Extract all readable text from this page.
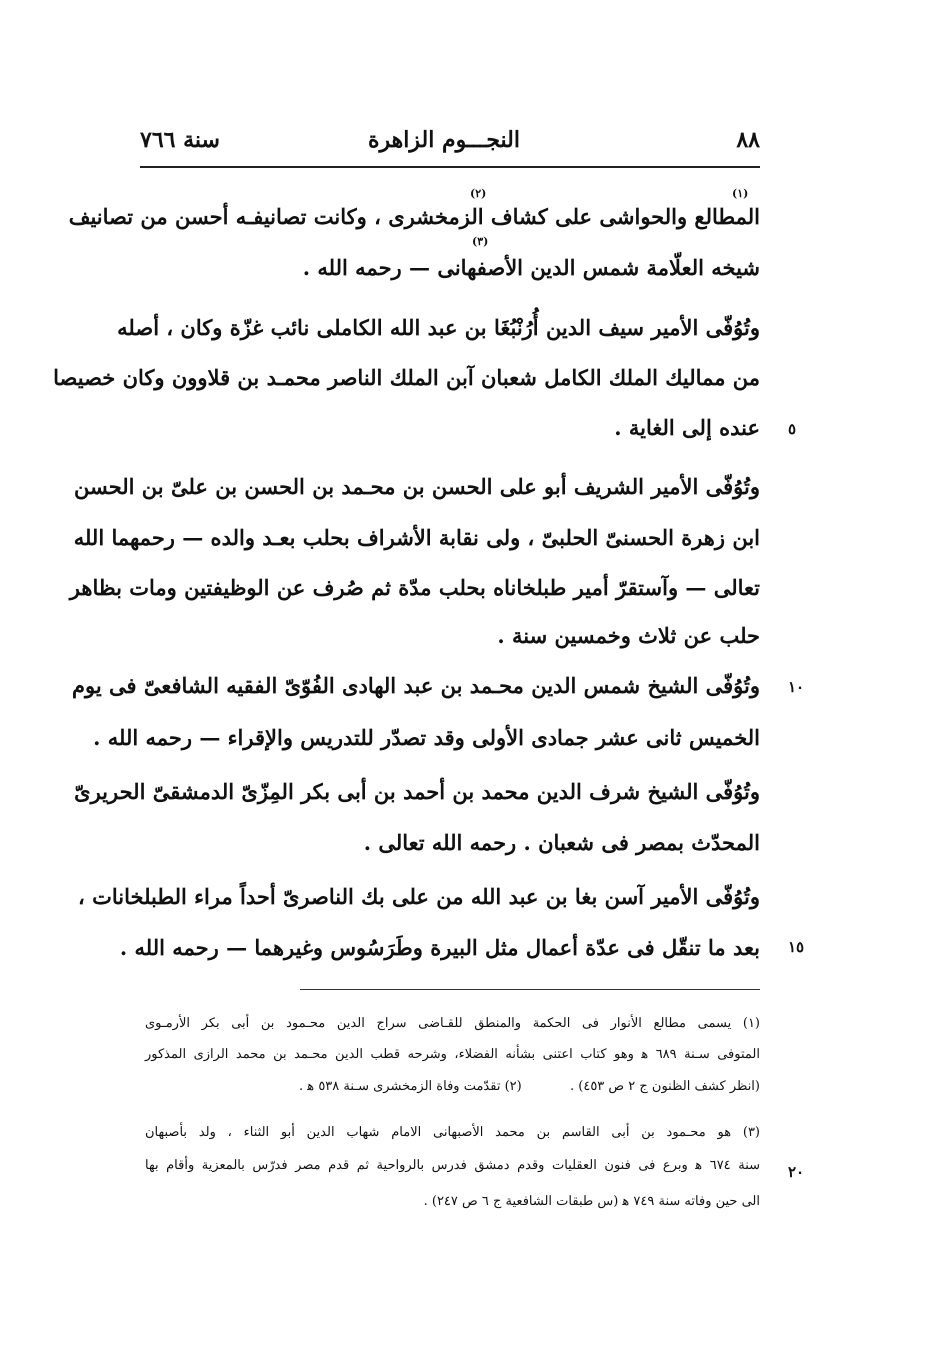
٨٨
النجـــوم الزاهرة
سنة ٧٦٦
(١)
(٢)
(٣)
المطالع والحواشى على كشاف الزمخشرى ، وكانت تصانيفـه أحسن من تصانيف
شيخه العلّامة شمس الدين الأصفهانى — رحمه الله .
وتُوُفّى الأمير سيف الدين أُرُنْبُغَا بن عبد الله الكاملى نائب غزّة وكان ، أصله
من مماليك الملك الكامل شعبان آبن الملك الناصر محمـد بن قلاوون وكان خصيصا
عنده إلى الغاية .
وتُوُفّى الأمير الشريف أبو على الحسن بن محـمد بن الحسن بن علىّ بن الحسن
ابن زهرة الحسنىّ الحلبىّ ، ولى نقابة الأشراف بحلب بعـد والده — رحمهما الله
تعالى — وآستقرّ أمير طبلخاناه بحلب مدّة ثم صُرف عن الوظيفتين ومات بظاهر
حلب عن ثلاث وخمسين سنة .
وتُوُفّى الشيخ شمس الدين محـمد بن عبد الهادى الفُوّىّ الفقيه الشافعىّ فى يوم
الخميس ثانى عشر جمادى الأولى وقد تصدّر للتدريس والإقراء — رحمه الله .
وتُوُفّى الشيخ شرف الدين محمد بن أحمد بن أبى بكر المِزّىّ الدمشقىّ الحريرىّ
المحدّث بمصر فى شعبان . رحمه الله تعالى .
وتُوُفّى الأمير آسن بغا بن عبد الله من على بك الناصرىّ أحداً مراء الطبلخانات ،
بعد ما تنقّل فى عدّة أعمال مثل البيرة وطَرَسُوس وغيرهما — رحمه الله .
٥
١٠
١٥
٢٠
(١) يسمى مطالع الأنوار فى الحكمة والمنطق للقـاضى سراج الدين محـمود بن أبى بكر الأرمـوى
المتوفى سـنة ٦٨٩ ﻫ وهو كتاب اعتنى بشأنه الفضلاء، وشرحه قطب الدين محـمد بن محمد الرازى المذكور
(انظر كشف الظنون ج ٢ ص ٤٥٣) .  (٢) تقدّمت وفاة الزمخشرى سـنة ٥٣٨ ﻫ .
(٣) هو محـمود بن أبى القاسم بن محمد الأصبهانى الامام شهاب الدين أبو الثناء ، ولد بأصبهان
سنة ٦٧٤ ﻫ وبرع فى فنون العقليات وقدم دمشق فدرس بالرواحية ثم قدم مصر فدرّس بالمعزية وأقام بها
الى حين وفاته سنة ٧٤٩ ﻫ (س طبقات الشافعية ج ٦ ص ٢٤٧) .
